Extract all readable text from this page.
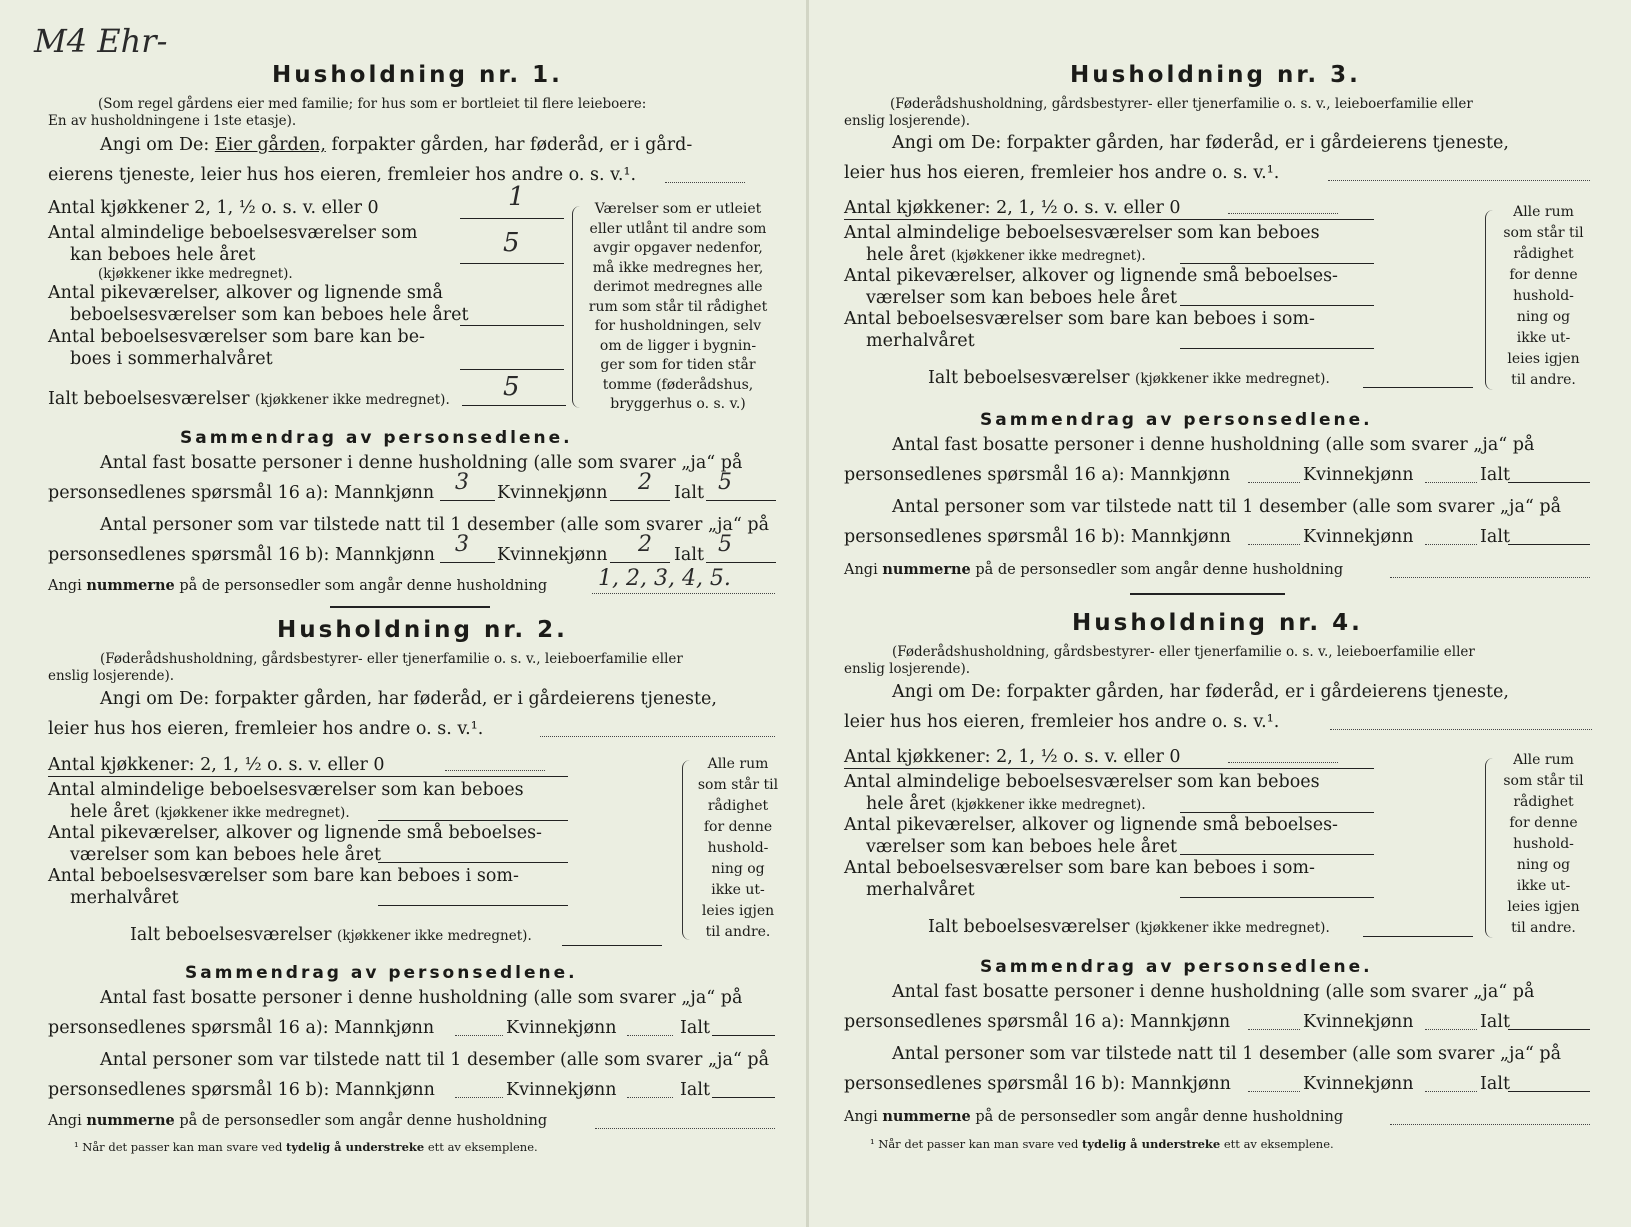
M4 Ehr-
Husholdning nr. 1.
(Som regel gårdens eier med familie; for hus som er bortleiet til flere leieboere:
En av husholdningene i 1ste etasje).
Angi om De: Eier gården, forpakter gården, har føderåd, er i gård-
eierens tjeneste, leier hus hos eieren, fremleier hos andre o. s. v.¹.
Antal kjøkkener 2, 1, ½ o. s. v. eller 0	1
Antal almindelige beboelsesværelser som
kan beboes hele året	5
(kjøkkener ikke medregnet).
Antal pikeværelser, alkover og lignende små
beboelsesværelser som kan beboes hele året
Antal beboelsesværelser som bare kan be-
boes i sommerhalvåret
Ialt beboelsesværelser (kjøkkener ikke medregnet). 5
Værelser som er utleiet
eller utlånt til andre som
avgir opgaver nedenfor,
må ikke medregnes her,
derimot medregnes alle
rum som står til rådighet
for husholdningen, selv
om de ligger i bygnin-
ger som for tiden står
tomme (føderådshus,
bryggerhus o. s. v.)
Sammendrag av personsedlene.
Antal fast bosatte personer i denne husholdning (alle som svarer „ja“ på
personsedlenes spørsmål 16 a): Mannkjønn 3 Kvinnekjønn 2 Ialt 5
Antal personer som var tilstede natt til 1 desember (alle som svarer „ja“ på
personsedlenes spørsmål 16 b): Mannkjønn 3 Kvinnekjønn 2 Ialt 5
Angi nummerne på de personsedler som angår denne husholdning 1, 2, 3, 4, 5.
Husholdning nr. 2.
(Føderådshusholdning, gårdsbestyrer- eller tjenerfamilie o. s. v., leieboerfamilie eller
enslig losjerende).
Angi om De: forpakter gården, har føderåd, er i gårdeierens tjeneste,
leier hus hos eieren, fremleier hos andre o. s. v.¹.
Antal kjøkkener: 2, 1, ½ o. s. v. eller 0
Antal almindelige beboelsesværelser som kan beboes
hele året (kjøkkener ikke medregnet).
Antal pikeværelser, alkover og lignende små beboelses-
værelser som kan beboes hele året
Antal beboelsesværelser som bare kan beboes i som-
merhalvåret
Ialt beboelsesværelser (kjøkkener ikke medregnet).
Alle rum
som står til
rådighet
for denne
hushold-
ning og
ikke ut-
leies igjen
til andre.
Sammendrag av personsedlene.
Antal fast bosatte personer i denne husholdning (alle som svarer „ja“ på
personsedlenes spørsmål 16 a): Mannkjønn	Kvinnekjønn	Ialt
Antal personer som var tilstede natt til 1 desember (alle som svarer „ja“ på
personsedlenes spørsmål 16 b): Mannkjønn	Kvinnekjønn	Ialt
Angi nummerne på de personsedler som angår denne husholdning
¹ Når det passer kan man svare ved tydelig å understreke ett av eksemplene.
Husholdning nr. 3.
(Føderådshusholdning, gårdsbestyrer- eller tjenerfamilie o. s. v., leieboerfamilie eller
enslig losjerende).
Angi om De: forpakter gården, har føderåd, er i gårdeierens tjeneste,
leier hus hos eieren, fremleier hos andre o. s. v.¹.
Antal kjøkkener: 2, 1, ½ o. s. v. eller 0
Antal almindelige beboelsesværelser som kan beboes
hele året (kjøkkener ikke medregnet).
Antal pikeværelser, alkover og lignende små beboelses-
værelser som kan beboes hele året
Antal beboelsesværelser som bare kan beboes i som-
merhalvåret
Ialt beboelsesværelser (kjøkkener ikke medregnet).
Alle rum
som står til
rådighet
for denne
hushold-
ning og
ikke ut-
leies igjen
til andre.
Sammendrag av personsedlene.
Antal fast bosatte personer i denne husholdning (alle som svarer „ja“ på
personsedlenes spørsmål 16 a): Mannkjønn	Kvinnekjønn	Ialt
Antal personer som var tilstede natt til 1 desember (alle som svarer „ja“ på
personsedlenes spørsmål 16 b): Mannkjønn	Kvinnekjønn	Ialt
Angi nummerne på de personsedler som angår denne husholdning
Husholdning nr. 4.
(Føderådshusholdning, gårdsbestyrer- eller tjenerfamilie o. s. v., leieboerfamilie eller
enslig losjerende).
Angi om De: forpakter gården, har føderåd, er i gårdeierens tjeneste,
leier hus hos eieren, fremleier hos andre o. s. v.¹.
Antal kjøkkener: 2, 1, ½ o. s. v. eller 0
Antal almindelige beboelsesværelser som kan beboes
hele året (kjøkkener ikke medregnet).
Antal pikeværelser, alkover og lignende små beboelses-
værelser som kan beboes hele året
Antal beboelsesværelser som bare kan beboes i som-
merhalvåret
Ialt beboelsesværelser (kjøkkener ikke medregnet).
Alle rum
som står til
rådighet
for denne
hushold-
ning og
ikke ut-
leies igjen
til andre.
Sammendrag av personsedlene.
Antal fast bosatte personer i denne husholdning (alle som svarer „ja“ på
personsedlenes spørsmål 16 a): Mannkjønn	Kvinnekjønn	Ialt
Antal personer som var tilstede natt til 1 desember (alle som svarer „ja“ på
personsedlenes spørsmål 16 b): Mannkjønn	Kvinnekjønn	Ialt
Angi nummerne på de personsedler som angår denne husholdning
¹ Når det passer kan man svare ved tydelig å understreke ett av eksemplene.
